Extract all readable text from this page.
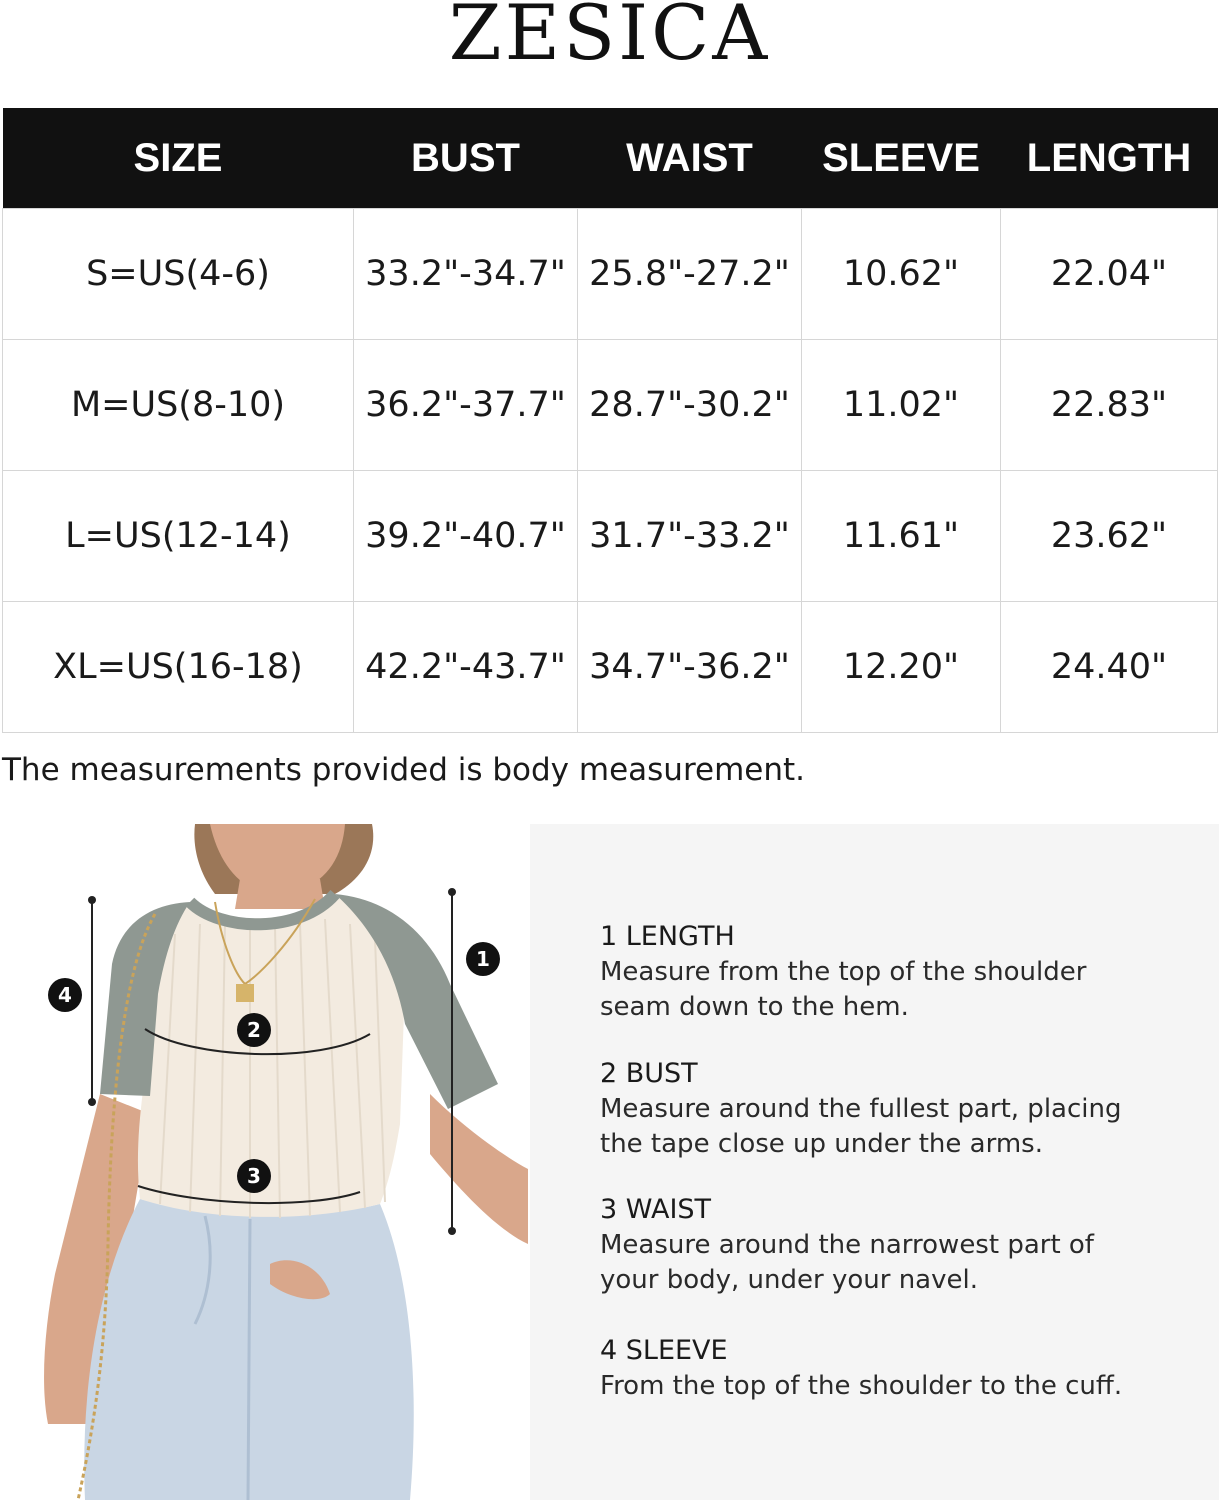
ZESICA
SIZE	BUST	WAIST	SLEEVE	LENGTH
S=US(4-6)	33.2"-34.7"	25.8"-27.2"	10.62"	22.04"
M=US(8-10)	36.2"-37.7"	28.7"-30.2"	11.02"	22.83"
L=US(12-14)	39.2"-40.7"	31.7"-33.2"	11.61"	23.62"
XL=US(16-18)	42.2"-43.7"	34.7"-36.2"	12.20"	24.40"
The measurements provided is body measurement.
1
2
3
4
1 LENGTH
Measure from the top of the shoulder seam down to the hem.
2 BUST
Measure around the fullest part, placing the tape close up under the arms.
3 WAIST
Measure around the narrowest part of your body, under your navel.
4 SLEEVE
From the top of the shoulder to the cuff.
